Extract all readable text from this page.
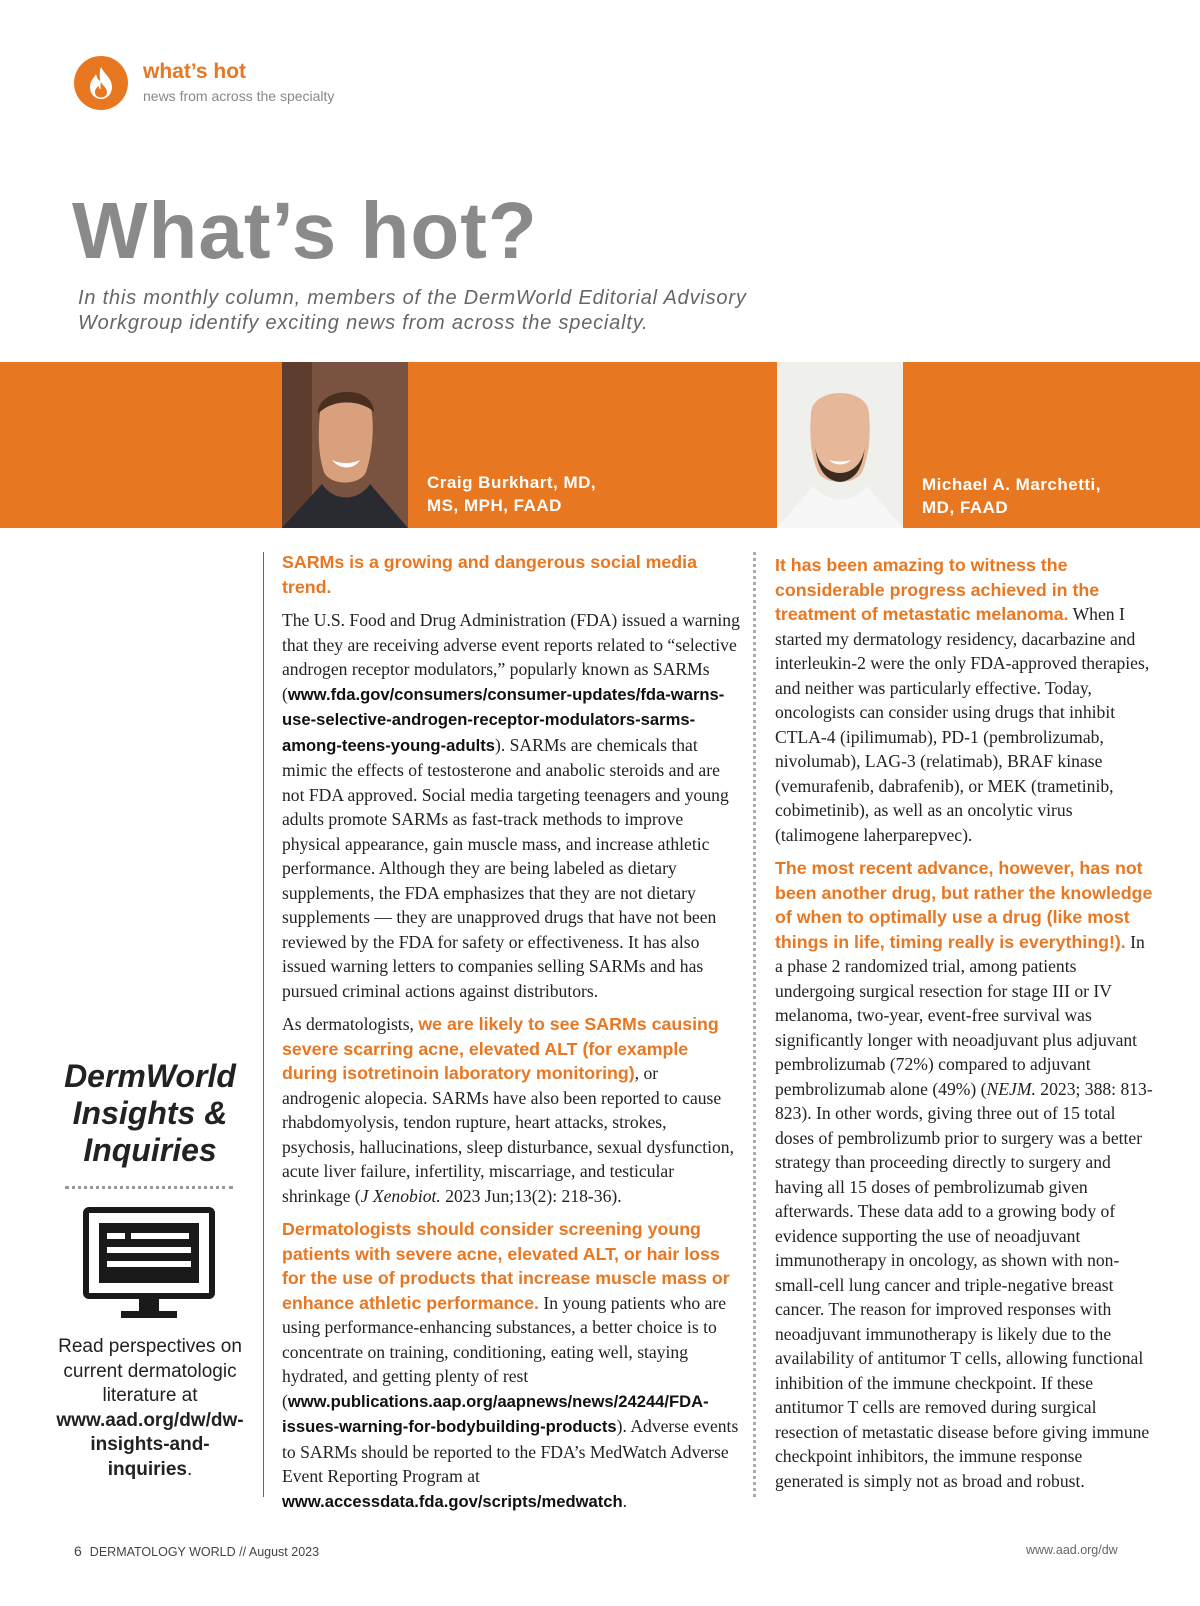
what’s hot
news from across the specialty
What’s hot?
In this monthly column, members of the DermWorld Editorial Advisory Workgroup identify exciting news from across the specialty.
Craig Burkhart, MD,
MS, MPH, FAAD
Michael A. Marchetti,
MD, FAAD

SARMs is a growing and dangerous social media trend.

The U.S. Food and Drug Administration (FDA) issued a warning that they are receiving adverse event reports related to “selective androgen receptor modulators,” popularly known as SARMs (www.fda.gov/consumers/consumer-updates/fda-warns-use-selective-androgen-receptor-modulators-sarms-among-teens-young-adults). SARMs are chemicals that mimic the effects of testosterone and anabolic steroids and are not FDA approved. Social media targeting teenagers and young adults promote SARMs as fast-track methods to improve physical appearance, gain muscle mass, and increase athletic performance. Although they are being labeled as dietary supplements, the FDA emphasizes that they are not dietary supplements — they are unapproved drugs that have not been reviewed by the FDA for safety or effectiveness. It has also issued warning letters to companies selling SARMs and has pursued criminal actions against distributors.

As dermatologists, we are likely to see SARMs causing severe scarring acne, elevated ALT (for example during isotretinoin laboratory monitoring), or androgenic alopecia. SARMs have also been reported to cause rhabdomyolysis, tendon rupture, heart attacks, strokes, psychosis, hallucinations, sleep disturbance, sexual dysfunction, acute liver failure, infertility, miscarriage, and testicular shrinkage (J Xenobiot. 2023 Jun;13(2): 218-36).

Dermatologists should consider screening young patients with severe acne, elevated ALT, or hair loss for the use of products that increase muscle mass or enhance athletic performance. In young patients who are using performance-enhancing substances, a better choice is to concentrate on training, conditioning, eating well, staying hydrated, and getting plenty of rest (www.publications.aap.org/aapnews/news/24244/FDA-issues-warning-for-bodybuilding-products). Adverse events to SARMs should be reported to the FDA’s MedWatch Adverse Event Reporting Program at www.accessdata.fda.gov/scripts/medwatch.

It has been amazing to witness the considerable progress achieved in the treatment of metastatic melanoma. When I started my dermatology residency, dacarbazine and interleukin-2 were the only FDA-approved therapies, and neither was particularly effective. Today, oncologists can consider using drugs that inhibit CTLA-4 (ipilimumab), PD-1 (pembrolizumab, nivolumab), LAG-3 (relatimab), BRAF kinase (vemurafenib, dabrafenib), or MEK (trametinib, cobimetinib), as well as an oncolytic virus (talimogene laherparepvec).

The most recent advance, however, has not been another drug, but rather the knowledge of when to optimally use a drug (like most things in life, timing really is everything!). In a phase 2 randomized trial, among patients undergoing surgical resection for stage III or IV melanoma, two-year, event-free survival was significantly longer with neoadjuvant plus adjuvant pembrolizumab (72%) compared to adjuvant pembrolizumab alone (49%) (NEJM. 2023; 388: 813-823). In other words, giving three out of 15 total doses of pembrolizumb prior to surgery was a better strategy than proceeding directly to surgery and having all 15 doses of pembrolizumab given afterwards. These data add to a growing body of evidence supporting the use of neoadjuvant immunotherapy in oncology, as shown with non-small-cell lung cancer and triple-negative breast cancer. The reason for improved responses with neoadjuvant immunotherapy is likely due to the availability of antitumor T cells, allowing functional inhibition of the immune checkpoint. If these antitumor T cells are removed during surgical resection of metastatic disease before giving immune checkpoint inhibitors, the immune response generated is simply not as broad and robust.

DermWorld
Insights &
Inquiries
Read perspectives on current dermatologic literature at www.aad.org/dw/dw-insights-and-inquiries.
6 DERMATOLOGY WORLD // August 2023	www.aad.org/dw
